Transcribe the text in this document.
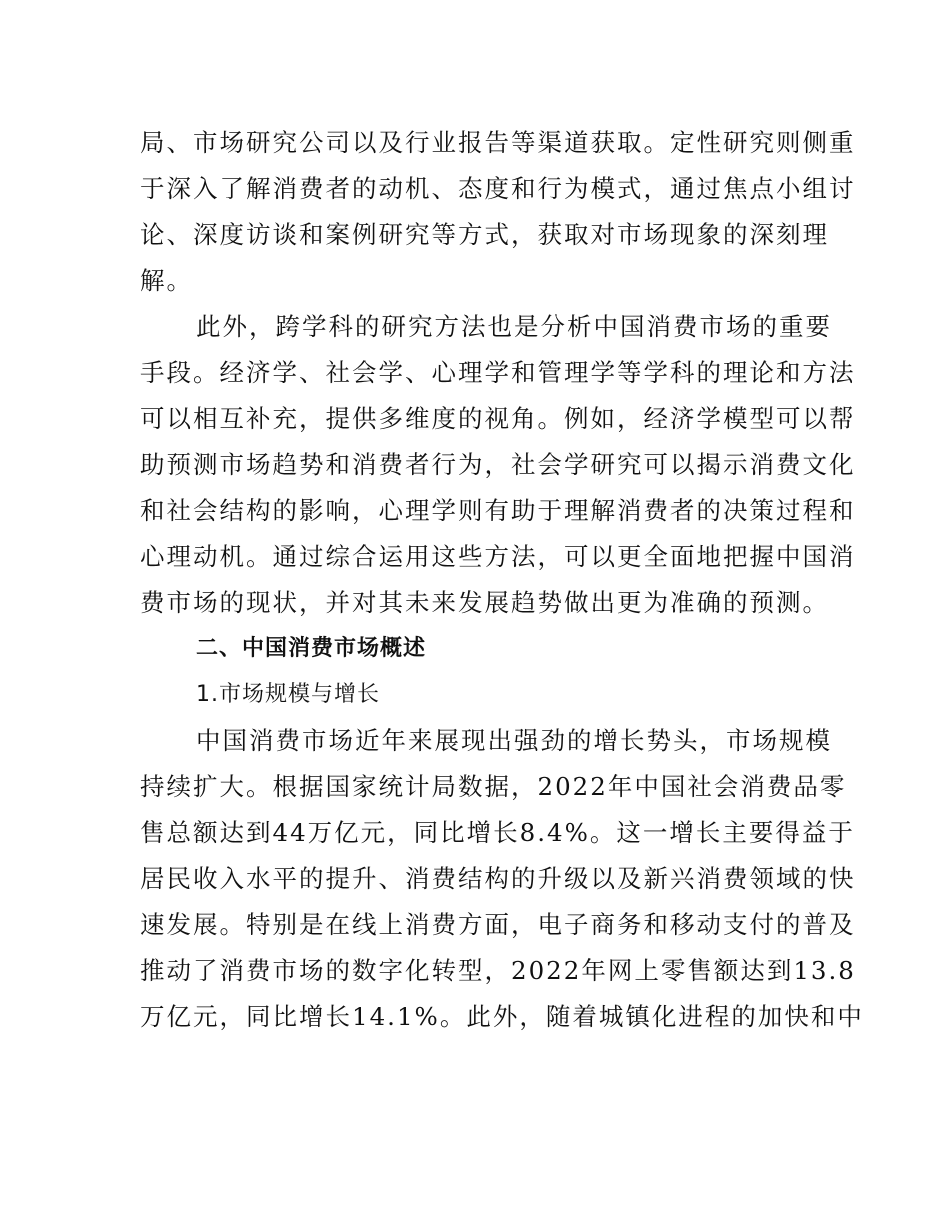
局、市场研究公司以及行业报告等渠道获取。定性研究则侧重
于深入了解消费者的动机、态度和行为模式，通过焦点小组讨
论、深度访谈和案例研究等方式，获取对市场现象的深刻理
解。
此外，跨学科的研究方法也是分析中国消费市场的重要
手段。经济学、社会学、心理学和管理学等学科的理论和方法
可以相互补充，提供多维度的视角。例如，经济学模型可以帮
助预测市场趋势和消费者行为，社会学研究可以揭示消费文化
和社会结构的影响，心理学则有助于理解消费者的决策过程和
心理动机。通过综合运用这些方法，可以更全面地把握中国消
费市场的现状，并对其未来发展趋势做出更为准确的预测。
二、中国消费市场概述
1.市场规模与增长
中国消费市场近年来展现出强劲的增长势头，市场规模
持续扩大。根据国家统计局数据，2022年中国社会消费品零
售总额达到44万亿元，同比增长8.4%。这一增长主要得益于
居民收入水平的提升、消费结构的升级以及新兴消费领域的快
速发展。特别是在线上消费方面，电子商务和移动支付的普及
推动了消费市场的数字化转型，2022年网上零售额达到13.8
万亿元，同比增长14.1%。此外，随着城镇化进程的加快和中
